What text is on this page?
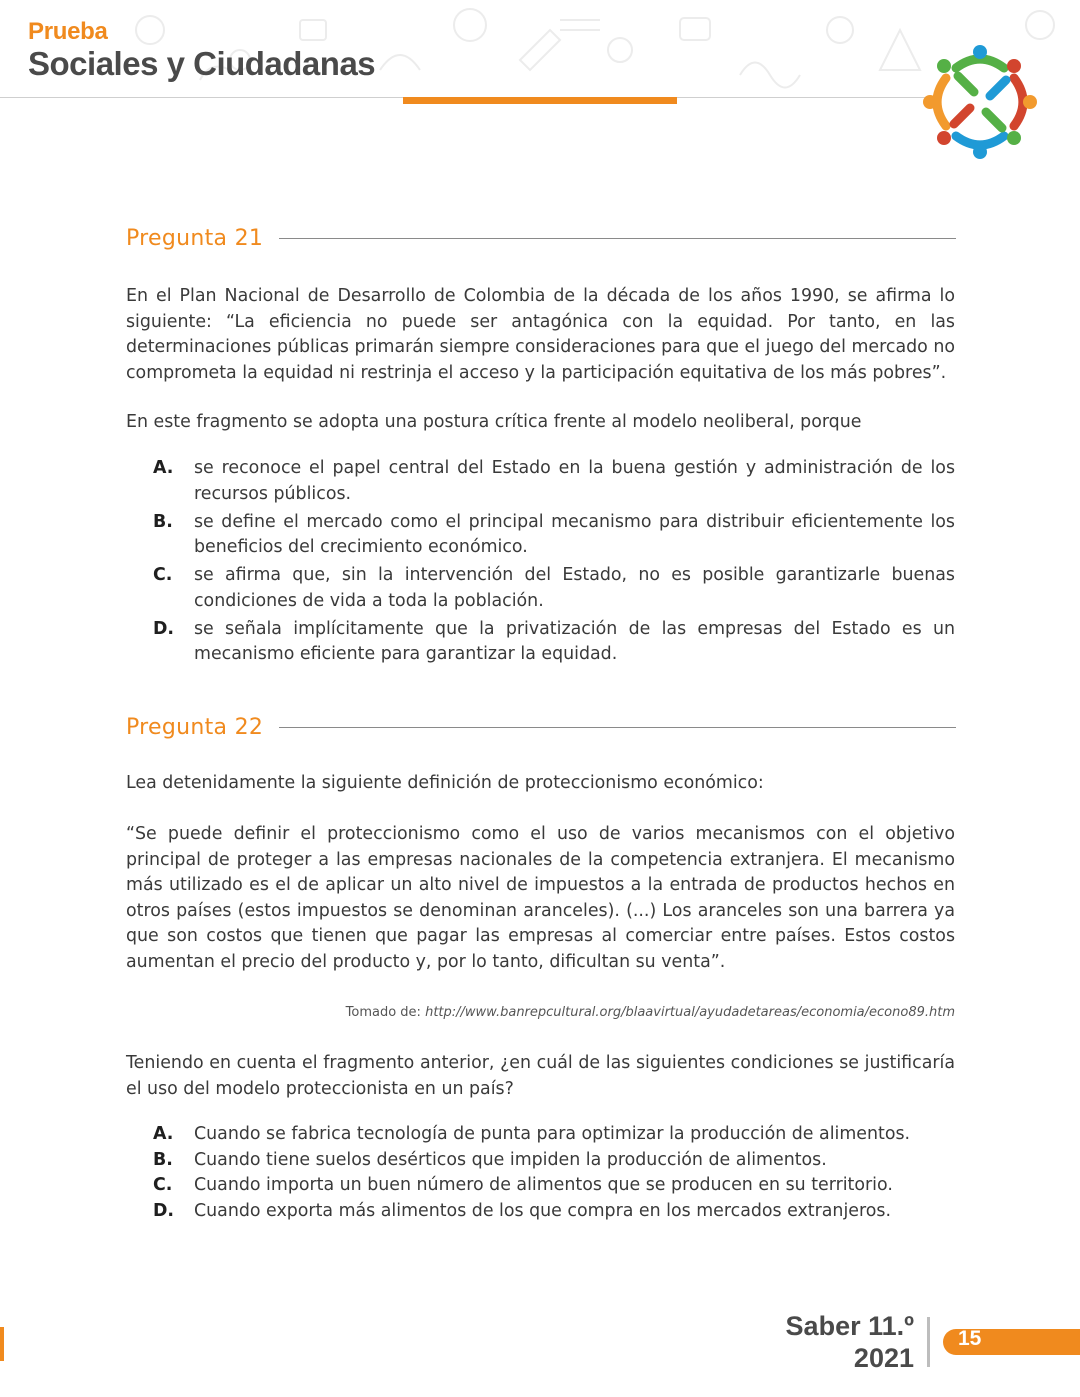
Prueba
Sociales y Ciudadanas
Pregunta 21

En el Plan Nacional de Desarrollo de Colombia de la década de los años 1990, se afirma lo siguiente: “La eficiencia no puede ser antagónica con la equidad. Por tanto, en las determinaciones públicas primarán siempre consideraciones para que el juego del mercado no comprometa la equidad ni restrinja el acceso y la participación equitativa de los más pobres”.

En este fragmento se adopta una postura crítica frente al modelo neoliberal, porque

A.	se reconoce el papel central del Estado en la buena gestión y administración de los recursos públicos.
B.	se define el mercado como el principal mecanismo para distribuir eficientemente los beneficios del crecimiento económico.
C.	se afirma que, sin la intervención del Estado, no es posible garantizarle buenas condiciones de vida a toda la población.
D.	se señala implícitamente que la privatización de las empresas del Estado es un mecanismo eficiente para garantizar la equidad.
Pregunta 22

Lea detenidamente la siguiente definición de proteccionismo económico:

“Se puede definir el proteccionismo como el uso de varios mecanismos con el objetivo principal de proteger a las empresas nacionales de la competencia extranjera. El mecanismo más utilizado es el de aplicar un alto nivel de impuestos a la entrada de productos hechos en otros países (estos impuestos se denominan aranceles). (...) Los aranceles son una barrera ya que son costos que tienen que pagar las empresas al comerciar entre países. Estos costos aumentan el precio del producto y, por lo tanto, dificultan su venta”.

Tomado de: http://www.banrepcultural.org/blaavirtual/ayudadetareas/economia/econo89.htm

Teniendo en cuenta el fragmento anterior, ¿en cuál de las siguientes condiciones se justificaría el uso del modelo proteccionista en un país?

A.	Cuando se fabrica tecnología de punta para optimizar la producción de alimentos.
B.	Cuando tiene suelos desérticos que impiden la producción de alimentos.
C.	Cuando importa un buen número de alimentos que se producen en su territorio.
D.	Cuando exporta más alimentos de los que compra en los mercados extranjeros.
Saber 11.º
2021
15
